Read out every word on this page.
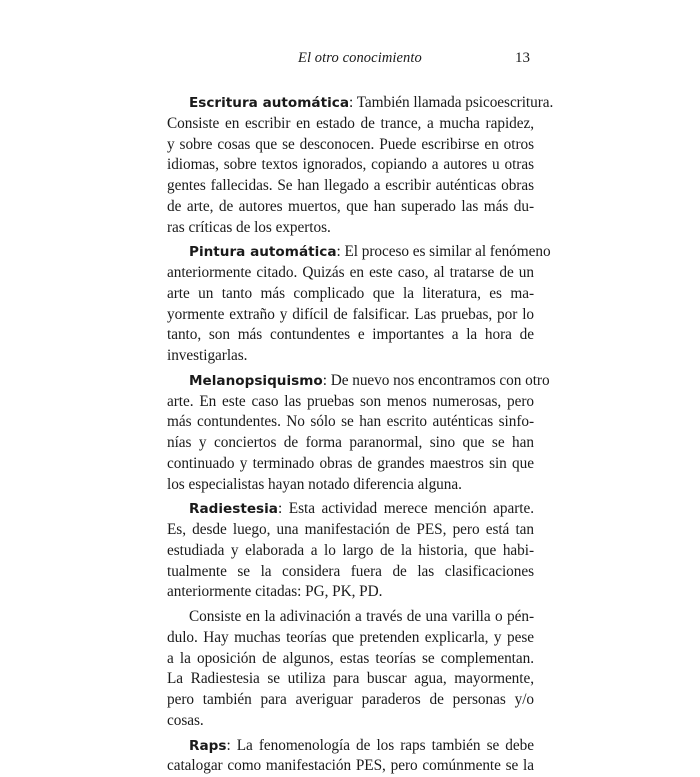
El otro conocimiento	13
Escritura automática: También llamada psicoescritura.
Consiste en escribir en estado de trance, a mucha rapidez,
y sobre cosas que se desconocen. Puede escribirse en otros
idiomas, sobre textos ignorados, copiando a autores u otras
gentes fallecidas. Se han llegado a escribir auténticas obras
de arte, de autores muertos, que han superado las más du-
ras críticas de los expertos.
Pintura automática: El proceso es similar al fenómeno
anteriormente citado. Quizás en este caso, al tratarse de un
arte un tanto más complicado que la literatura, es ma-
yormente extraño y difícil de falsificar. Las pruebas, por lo
tanto, son más contundentes e importantes a la hora de
investigarlas.
Melanopsiquismo: De nuevo nos encontramos con otro
arte. En este caso las pruebas son menos numerosas, pero
más contundentes. No sólo se han escrito auténticas sinfo-
nías y conciertos de forma paranormal, sino que se han
continuado y terminado obras de grandes maestros sin que
los especialistas hayan notado diferencia alguna.
Radiestesia: Esta actividad merece mención aparte.
Es, desde luego, una manifestación de PES, pero está tan
estudiada y elaborada a lo largo de la historia, que habi-
tualmente se la considera fuera de las clasificaciones
anteriormente citadas: PG, PK, PD.
Consiste en la adivinación a través de una varilla o pén-
dulo. Hay muchas teorías que pretenden explicarla, y pese
a la oposición de algunos, estas teorías se complementan.
La Radiestesia se utiliza para buscar agua, mayormente,
pero también para averiguar paraderos de personas y/o
cosas.
Raps: La fenomenología de los raps también se debe
catalogar como manifestación PES, pero comúnmente se la
